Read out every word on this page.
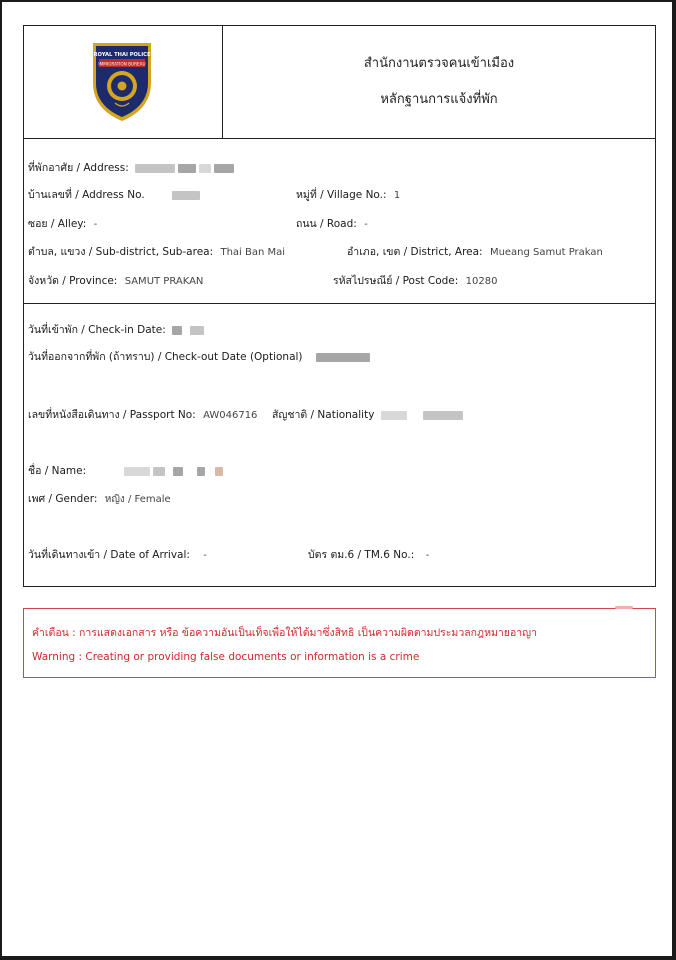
ROYAL THAI POLICE
IMMIGRATION BUREAU	สำนักงานตรวจคนเข้าเมือง
หลักฐานการแจ้งที่พัก
ที่พักอาศัย / Address:
บ้านเลขที่ / Address No.	หมู่ที่ / Village No.: 1
ซอย / Alley: -	ถนน / Road: -
ตำบล, แขวง / Sub-district, Sub-area: Thai Ban Mai	อำเภอ, เขต / District, Area: Mueang Samut Prakan
จังหวัด / Province: SAMUT PRAKAN	รหัสไปรษณีย์ / Post Code: 10280
วันที่เข้าพัก / Check-in Date:
วันที่ออกจากที่พัก (ถ้าทราบ) / Check-out Date (Optional)
เลขที่หนังสือเดินทาง / Passport No: AW046716 สัญชาติ / Nationality
ชื่อ / Name:
เพศ / Gender: หญิง / Female
วันที่เดินทางเข้า / Date of Arrival: -	บัตร ตม.6 / TM.6 No.: -
คำเตือน : การแสดงเอกสาร หรือ ข้อความอันเป็นเท็จเพื่อให้ได้มาซึ่งสิทธิ เป็นความผิดตามประมวลกฎหมายอาญา
Warning : Creating or providing false documents or information is a crime
